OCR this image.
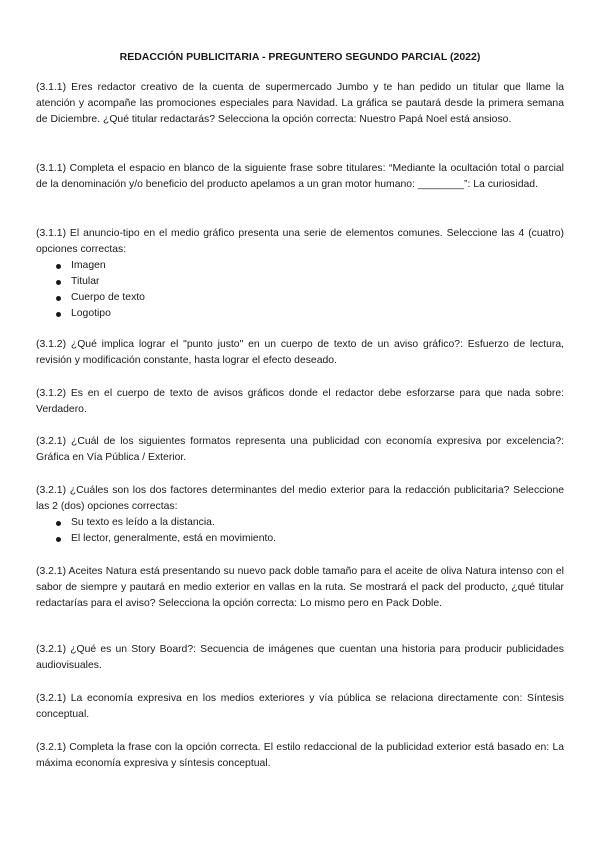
REDACCIÓN PUBLICITARIA - PREGUNTERO SEGUNDO PARCIAL (2022)

(3.1.1) Eres redactor creativo de la cuenta de supermercado Jumbo y te han pedido un titular que llame la atención y acompañe las promociones especiales para Navidad. La gráfica se pautará desde la primera semana de Diciembre. ¿Qué titular redactarás? Selecciona la opción correcta: Nuestro Papá Noel está ansioso.

(3.1.1) Completa el espacio en blanco de la siguiente frase sobre titulares: “Mediante la ocultación total o parcial de la denominación y/o beneficio del producto apelamos a un gran motor humano: ________”: La curiosidad.

(3.1.1) El anuncio-tipo en el medio gráfico presenta una serie de elementos comunes. Seleccione las 4 (cuatro) opciones correctas:

Imagen
Titular
Cuerpo de texto
Logotipo

(3.1.2) ¿Qué implica lograr el "punto justo" en un cuerpo de texto de un aviso gráfico?: Esfuerzo de lectura, revisión y modificación constante, hasta lograr el efecto deseado.

(3.1.2) Es en el cuerpo de texto de avisos gráficos donde el redactor debe esforzarse para que nada sobre: Verdadero.

(3.2.1) ¿Cuál de los siguientes formatos representa una publicidad con economía expresiva por excelencia?: Gráfica en Vía Pública / Exterior.

(3.2.1) ¿Cuáles son los dos factores determinantes del medio exterior para la redacción publicitaria? Seleccione las 2 (dos) opciones correctas:

Su texto es leído a la distancia.
El lector, generalmente, está en movimiento.

(3.2.1) Aceites Natura está presentando su nuevo pack doble tamaño para el aceite de oliva Natura intenso con el sabor de siempre y pautará en medio exterior en vallas en la ruta. Se mostrará el pack del producto, ¿qué titular redactarías para el aviso? Selecciona la opción correcta: Lo mismo pero en Pack Doble.

(3.2.1) ¿Qué es un Story Board?: Secuencia de imágenes que cuentan una historia para producir publicidades audiovisuales.

(3.2.1) La economía expresiva en los medios exteriores y vía pública se relaciona directamente con: Síntesis conceptual.

(3.2.1) Completa la frase con la opción correcta. El estilo redaccional de la publicidad exterior está basado en: La máxima economía expresiva y síntesis conceptual.
